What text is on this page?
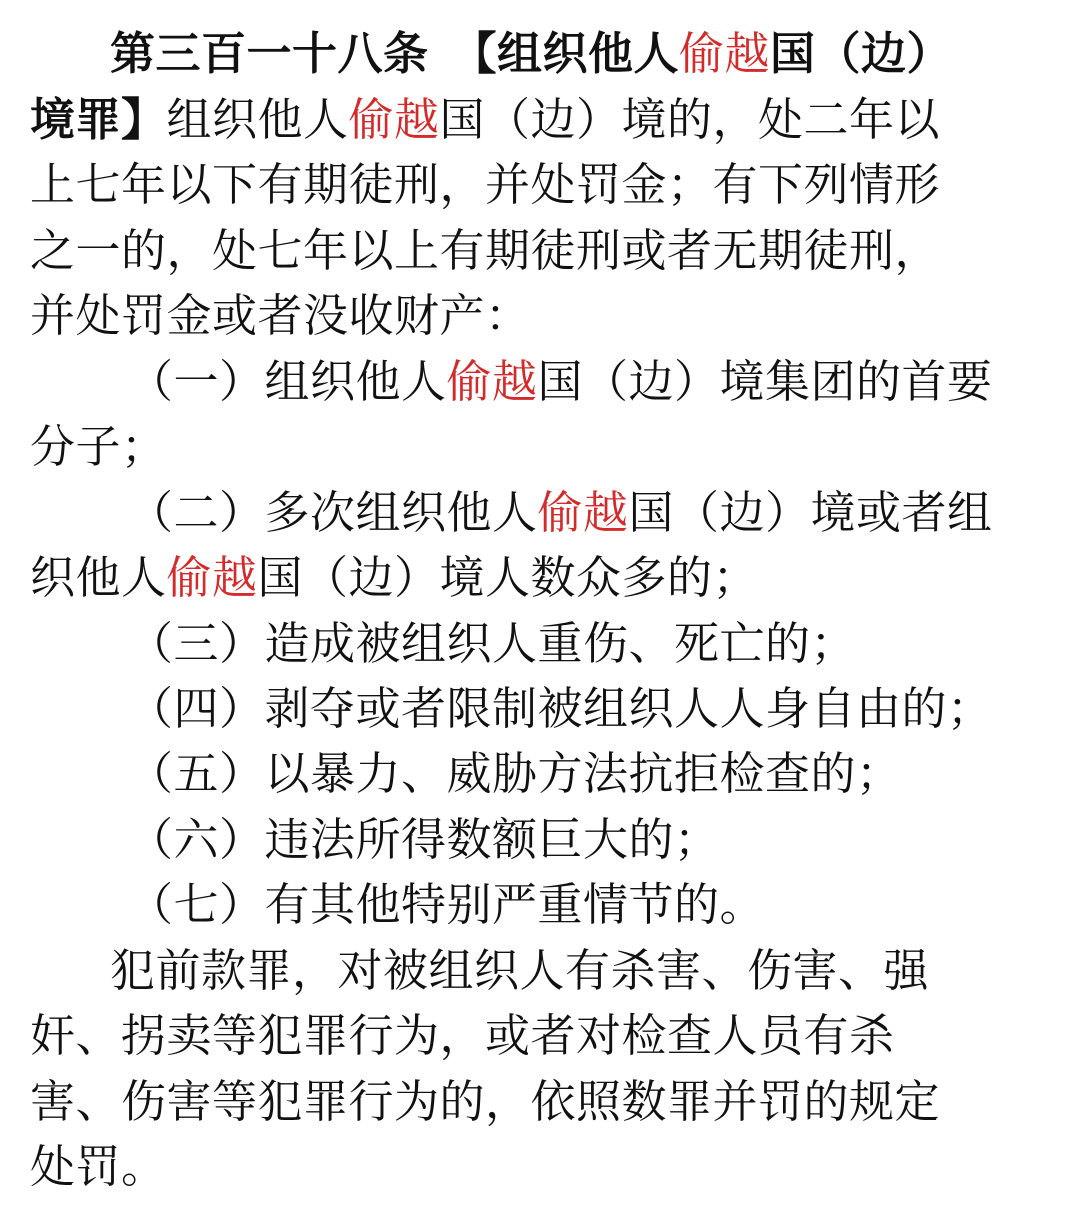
第三百一十八条　【组织他人偷越国（边）
境罪】组织他人偷越国（边）境的，处二年以
上七年以下有期徒刑，并处罚金；有下列情形
之一的，处七年以上有期徒刑或者无期徒刑，
并处罚金或者没收财产：
（一）组织他人偷越国（边）境集团的首要
分子；
（二）多次组织他人偷越国（边）境或者组
织他人偷越国（边）境人数众多的；
（三）造成被组织人重伤、死亡的；
（四）剥夺或者限制被组织人人身自由的；
（五）以暴力、威胁方法抗拒检查的；
（六）违法所得数额巨大的；
（七）有其他特别严重情节的。
犯前款罪，对被组织人有杀害、伤害、强
奸、拐卖等犯罪行为，或者对检查人员有杀
害、伤害等犯罪行为的，依照数罪并罚的规定
处罚。
